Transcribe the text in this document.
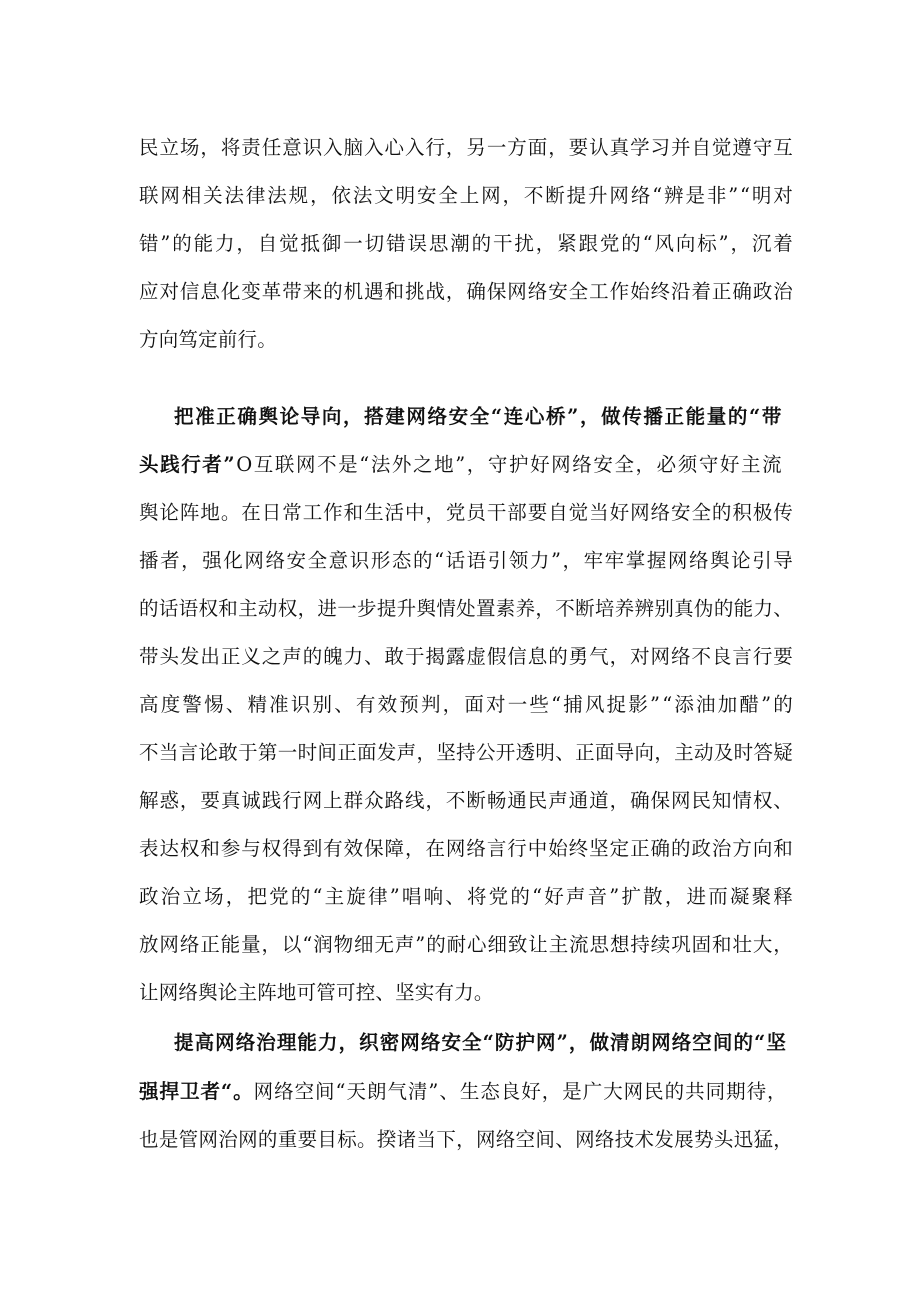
民立场，将责任意识入脑入心入行，另一方面，要认真学习并自觉遵守互
联网相关法律法规，依法文明安全上网，不断提升网络“辨是非”“明对
错”的能力，自觉抵御一切错误思潮的干扰，紧跟党的“风向标”，沉着
应对信息化变革带来的机遇和挑战，确保网络安全工作始终沿着正确政治
方向笃定前行。
把准正确舆论导向，搭建网络安全“连心桥”，做传播正能量的“带
头践行者”O互联网不是“法外之地”，守护好网络安全，必须守好主流
舆论阵地。在日常工作和生活中，党员干部要自觉当好网络安全的积极传
播者，强化网络安全意识形态的“话语引领力”，牢牢掌握网络舆论引导
的话语权和主动权，进一步提升舆情处置素养，不断培养辨别真伪的能力、
带头发出正义之声的魄力、敢于揭露虚假信息的勇气，对网络不良言行要
高度警惕、精准识别、有效预判，面对一些“捕风捉影”“添油加醋”的
不当言论敢于第一时间正面发声，坚持公开透明、正面导向，主动及时答疑
解惑，要真诚践行网上群众路线，不断畅通民声通道，确保网民知情权、
表达权和参与权得到有效保障，在网络言行中始终坚定正确的政治方向和
政治立场，把党的“主旋律”唱响、将党的“好声音”扩散，进而凝聚释
放网络正能量，以“润物细无声”的耐心细致让主流思想持续巩固和壮大，
让网络舆论主阵地可管可控、坚实有力。
提高网络治理能力，织密网络安全“防护网”，做清朗网络空间的“坚
强捍卫者“。网络空间“天朗气清”、生态良好，是广大网民的共同期待，
也是管网治网的重要目标。揆诸当下，网络空间、网络技术发展势头迅猛，
